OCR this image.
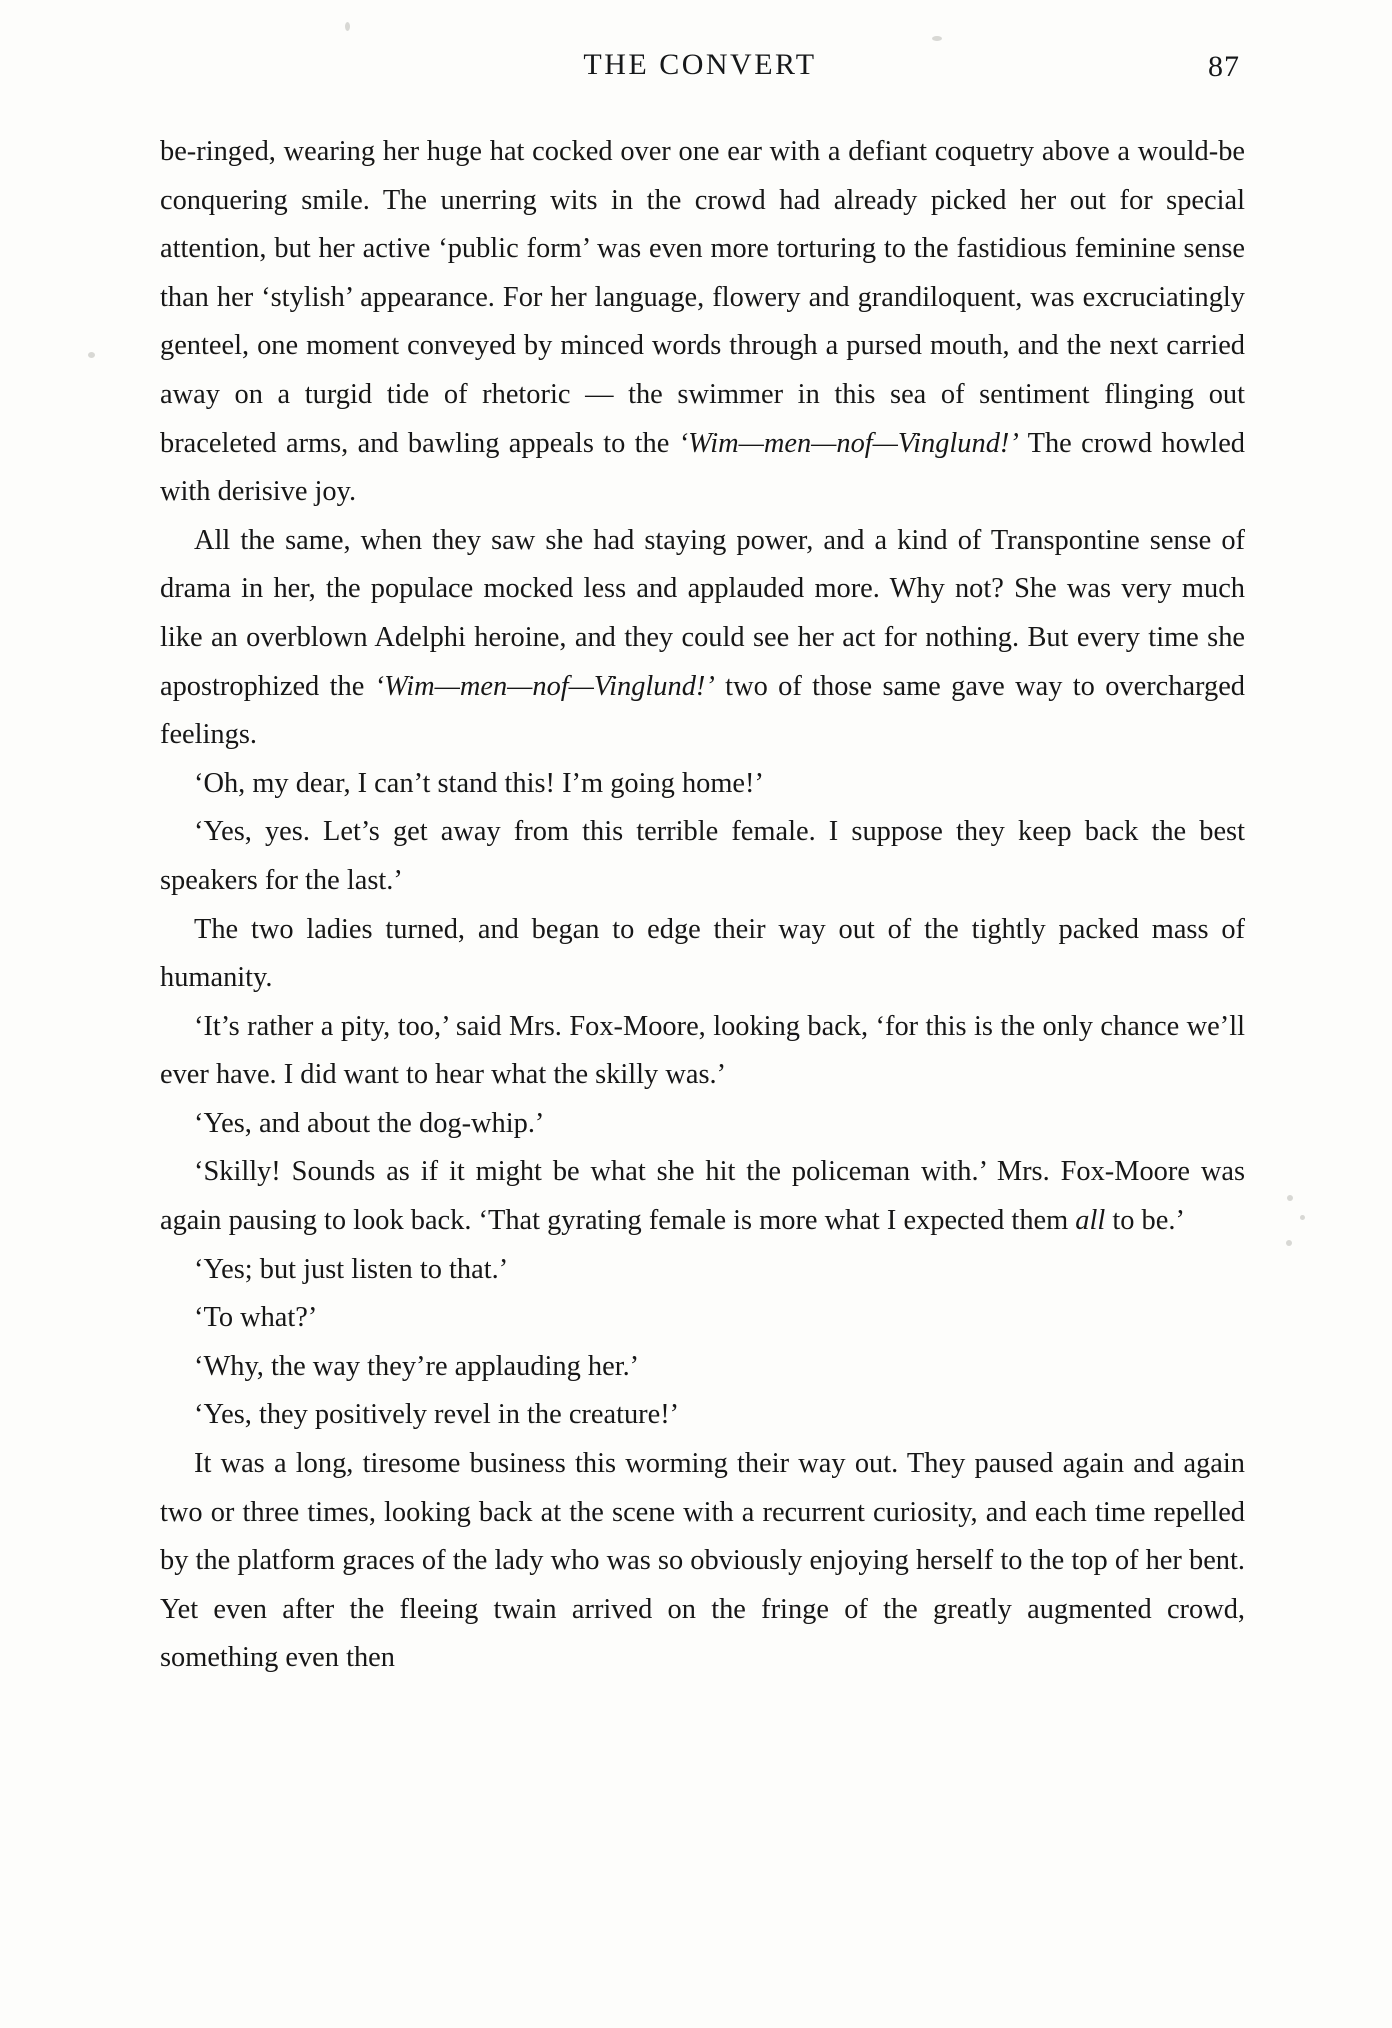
THE CONVERT	87

be-ringed, wearing her huge hat cocked over one ear with a defiant coquetry above a would-be conquering smile. The unerring wits in the crowd had already picked her out for special attention, but her active ‘public form’ was even more torturing to the fastidious feminine sense than her ‘stylish’ appearance. For her language, flowery and grandiloquent, was excruciatingly genteel, one moment conveyed by minced words through a pursed mouth, and the next carried away on a turgid tide of rhetoric — the swimmer in this sea of sentiment flinging out braceleted arms, and bawling appeals to the ‘Wim—men—nof—Vinglund!’ The crowd howled with derisive joy.

All the same, when they saw she had staying power, and a kind of Transpontine sense of drama in her, the populace mocked less and applauded more. Why not? She was very much like an overblown Adelphi heroine, and they could see her act for nothing. But every time she apostrophized the ‘Wim—men—nof—Vinglund!’ two of those same gave way to overcharged feelings.

‘Oh, my dear, I can’t stand this! I’m going home!’

‘Yes, yes. Let’s get away from this terrible female. I suppose they keep back the best speakers for the last.’

The two ladies turned, and began to edge their way out of the tightly packed mass of humanity.

‘It’s rather a pity, too,’ said Mrs. Fox-Moore, looking back, ‘for this is the only chance we’ll ever have. I did want to hear what the skilly was.’

‘Yes, and about the dog-whip.’

‘Skilly! Sounds as if it might be what she hit the policeman with.’ Mrs. Fox-Moore was again pausing to look back. ‘That gyrating female is more what I expected them all to be.’

‘Yes; but just listen to that.’

‘To what?’

‘Why, the way they’re applauding her.’

‘Yes, they positively revel in the creature!’

It was a long, tiresome business this worming their way out. They paused again and again two or three times, looking back at the scene with a recurrent curiosity, and each time repelled by the platform graces of the lady who was so obviously enjoying herself to the top of her bent. Yet even after the fleeing twain arrived on the fringe of the greatly augmented crowd, something even then
